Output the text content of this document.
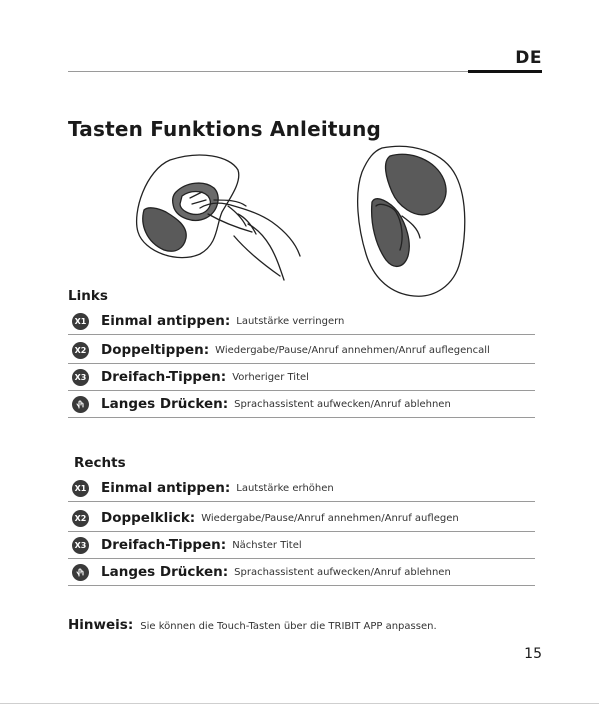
DE
Tasten Funktions Anleitung
Links
X1 Einmal antippen: Lautstärke verringern
X2 Doppeltippen: Wiedergabe/Pause/Anruf annehmen/Anruf auflegencall
X3 Dreifach-Tippen: Vorheriger Titel
Langes Drücken: Sprachassistent aufwecken/Anruf ablehnen
Rechts
X1 Einmal antippen: Lautstärke erhöhen
X2 Doppelklick: Wiedergabe/Pause/Anruf annehmen/Anruf auflegen
X3 Dreifach-Tippen: Nächster Titel
Langes Drücken: Sprachassistent aufwecken/Anruf ablehnen
Hinweis: Sie können die Touch-Tasten über die TRIBIT APP anpassen.
15
